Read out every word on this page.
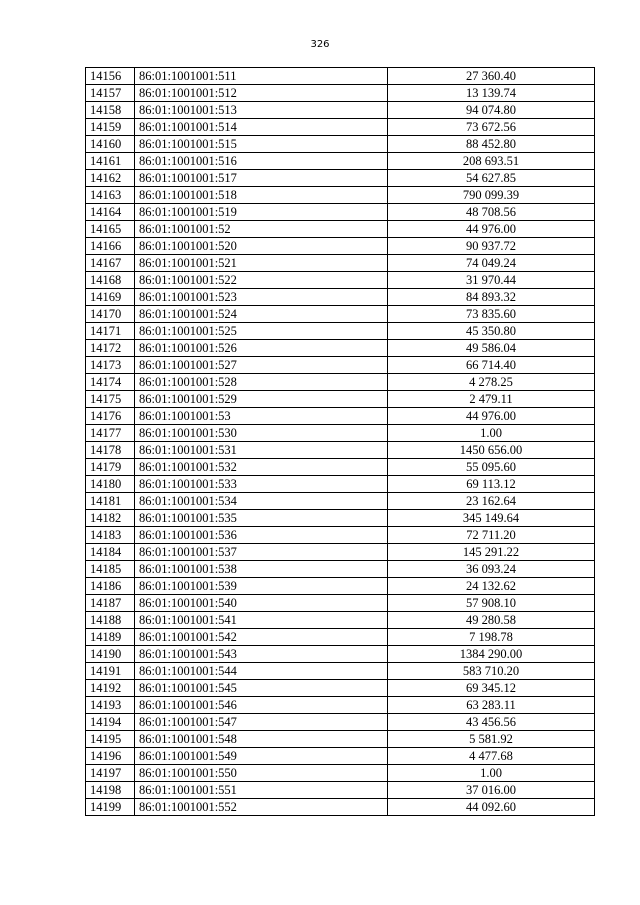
326
14156	86:01:1001001:511	27 360.40
14157	86:01:1001001:512	13 139.74
14158	86:01:1001001:513	94 074.80
14159	86:01:1001001:514	73 672.56
14160	86:01:1001001:515	88 452.80
14161	86:01:1001001:516	208 693.51
14162	86:01:1001001:517	54 627.85
14163	86:01:1001001:518	790 099.39
14164	86:01:1001001:519	48 708.56
14165	86:01:1001001:52	44 976.00
14166	86:01:1001001:520	90 937.72
14167	86:01:1001001:521	74 049.24
14168	86:01:1001001:522	31 970.44
14169	86:01:1001001:523	84 893.32
14170	86:01:1001001:524	73 835.60
14171	86:01:1001001:525	45 350.80
14172	86:01:1001001:526	49 586.04
14173	86:01:1001001:527	66 714.40
14174	86:01:1001001:528	4 278.25
14175	86:01:1001001:529	2 479.11
14176	86:01:1001001:53	44 976.00
14177	86:01:1001001:530	1.00
14178	86:01:1001001:531	1450 656.00
14179	86:01:1001001:532	55 095.60
14180	86:01:1001001:533	69 113.12
14181	86:01:1001001:534	23 162.64
14182	86:01:1001001:535	345 149.64
14183	86:01:1001001:536	72 711.20
14184	86:01:1001001:537	145 291.22
14185	86:01:1001001:538	36 093.24
14186	86:01:1001001:539	24 132.62
14187	86:01:1001001:540	57 908.10
14188	86:01:1001001:541	49 280.58
14189	86:01:1001001:542	7 198.78
14190	86:01:1001001:543	1384 290.00
14191	86:01:1001001:544	583 710.20
14192	86:01:1001001:545	69 345.12
14193	86:01:1001001:546	63 283.11
14194	86:01:1001001:547	43 456.56
14195	86:01:1001001:548	5 581.92
14196	86:01:1001001:549	4 477.68
14197	86:01:1001001:550	1.00
14198	86:01:1001001:551	37 016.00
14199	86:01:1001001:552	44 092.60
